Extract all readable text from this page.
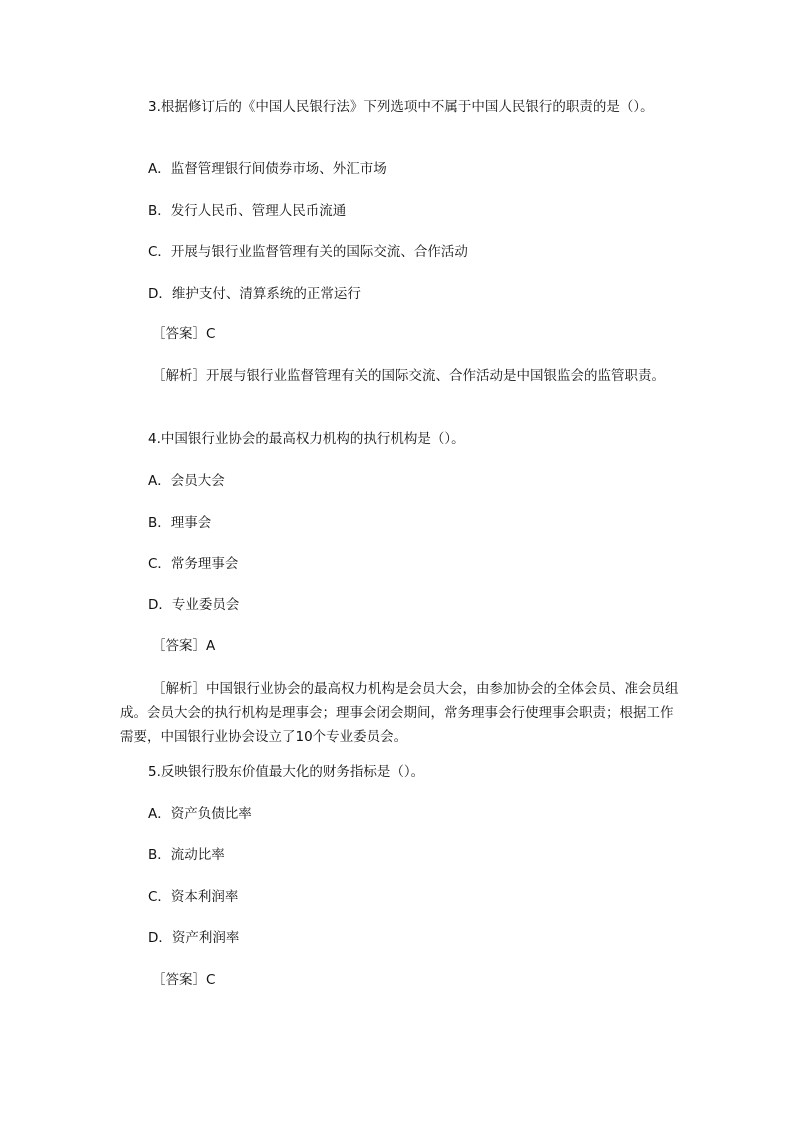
3.根据修订后的《中国人民银行法》下列选项中不属于中国人民银行的职责的是（）。
A．监督管理银行间债券市场、外汇市场
B．发行人民币、管理人民币流通
C．开展与银行业监督管理有关的国际交流、合作活动
D．维护支付、清算系统的正常运行
［答案］C
［解析］开展与银行业监督管理有关的国际交流、合作活动是中国银监会的监管职责。
4.中国银行业协会的最高权力机构的执行机构是（）。
A．会员大会
B．理事会
C．常务理事会
D．专业委员会
［答案］A
［解析］中国银行业协会的最高权力机构是会员大会，由参加协会的全体会员、准会员组成。会员大会的执行机构是理事会；理事会闭会期间，常务理事会行使理事会职责；根据工作需要，中国银行业协会设立了10个专业委员会。
5.反映银行股东价值最大化的财务指标是（）。
A．资产负债比率
B．流动比率
C．资本利润率
D．资产利润率
［答案］C
